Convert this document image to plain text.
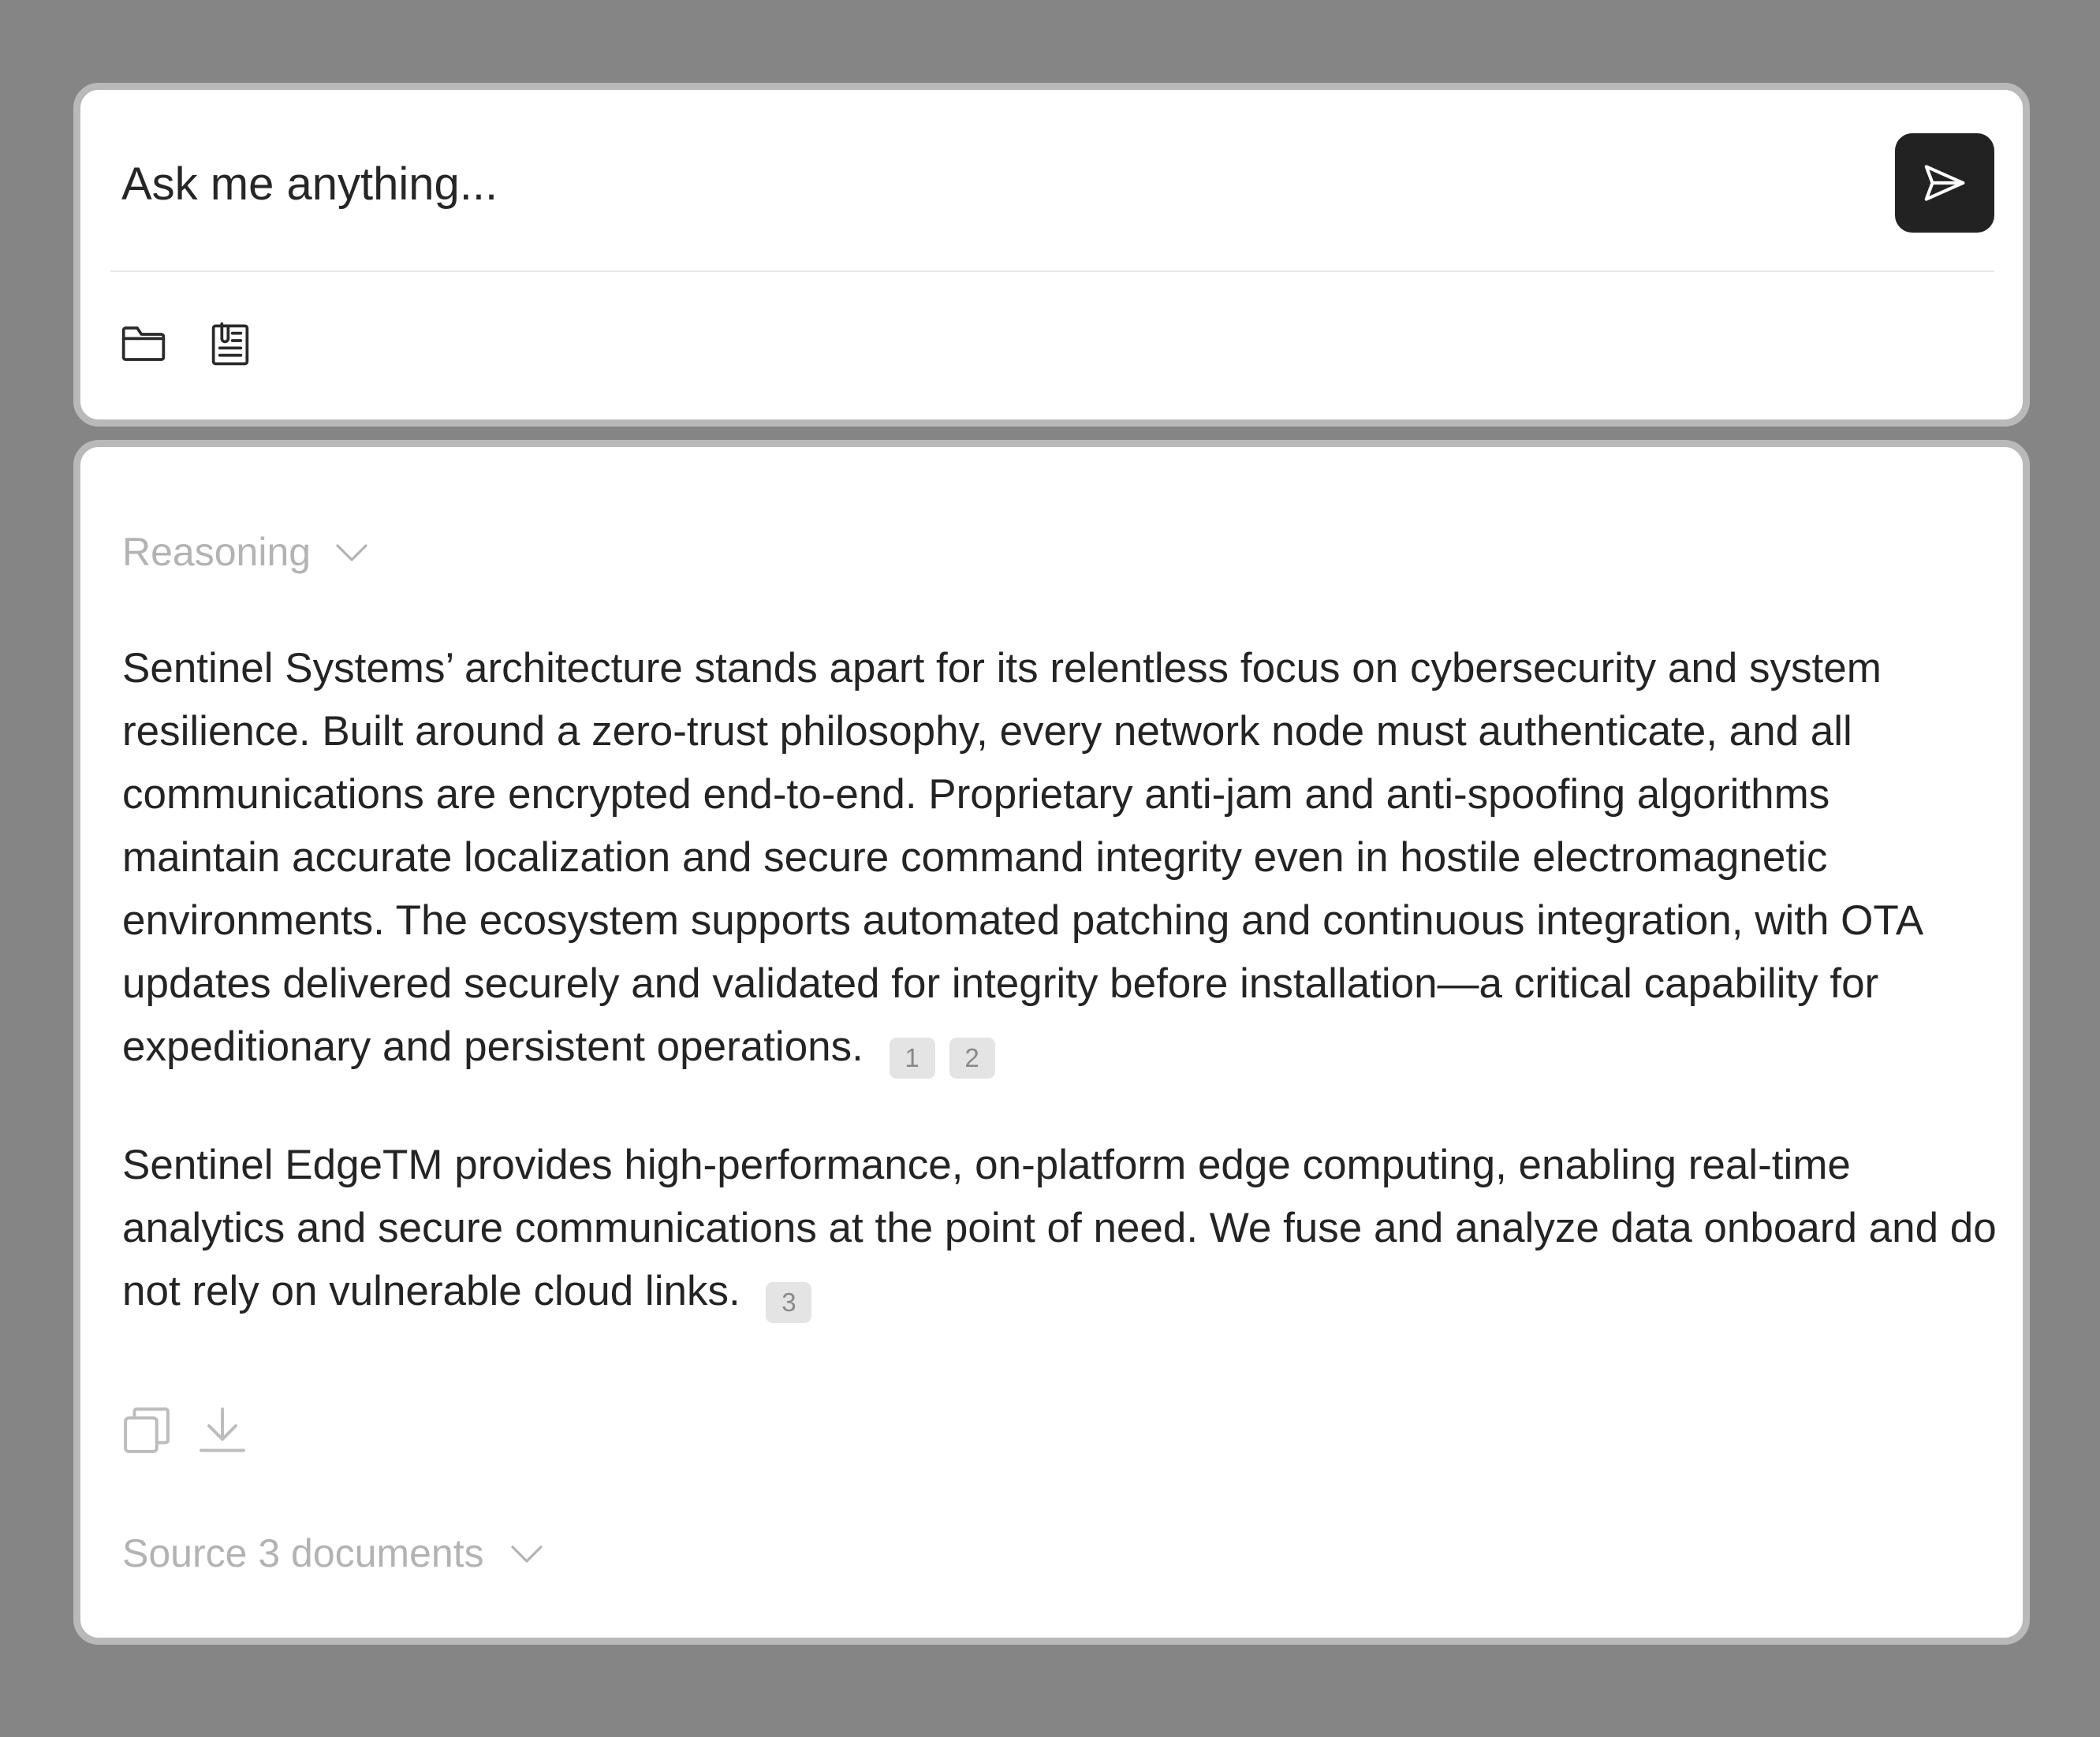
Ask me anything...
Reasoning
Sentinel Systems’ architecture stands apart for its relentless focus on cybersecurity and system resilience. Built around a zero-trust philosophy, every network node must authenticate, and all communications are encrypted end-to-end. Proprietary anti-jam and anti-spoofing algorithms maintain accurate localization and secure command integrity even in hostile electromagnetic environments. The ecosystem supports automated patching and continuous integration, with OTA updates delivered securely and validated for integrity before installation—a critical capability for expeditionary and persistent operations. 1 2
Sentinel EdgeTM provides high-performance, on-platform edge computing, enabling real-time analytics and secure communications at the point of need. We fuse and analyze data onboard and do not rely on vulnerable cloud links. 3
Source 3 documents
